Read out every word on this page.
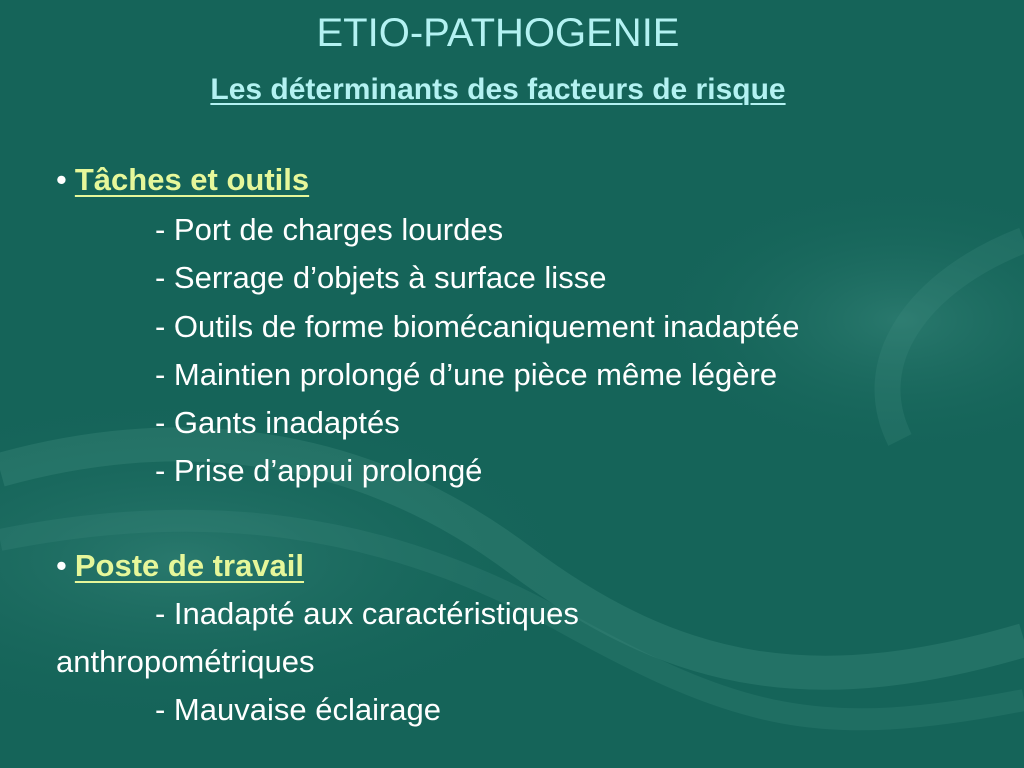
ETIO-PATHOGENIE
Les déterminants des facteurs de risque
• Tâches et outils
- Port de charges lourdes
- Serrage d’objets à surface lisse
- Outils de forme biomécaniquement inadaptée
- Maintien prolongé d’une pièce même légère
- Gants inadaptés
- Prise d’appui prolongé
• Poste de travail
- Inadapté aux caractéristiques
anthropométriques
- Mauvaise éclairage
